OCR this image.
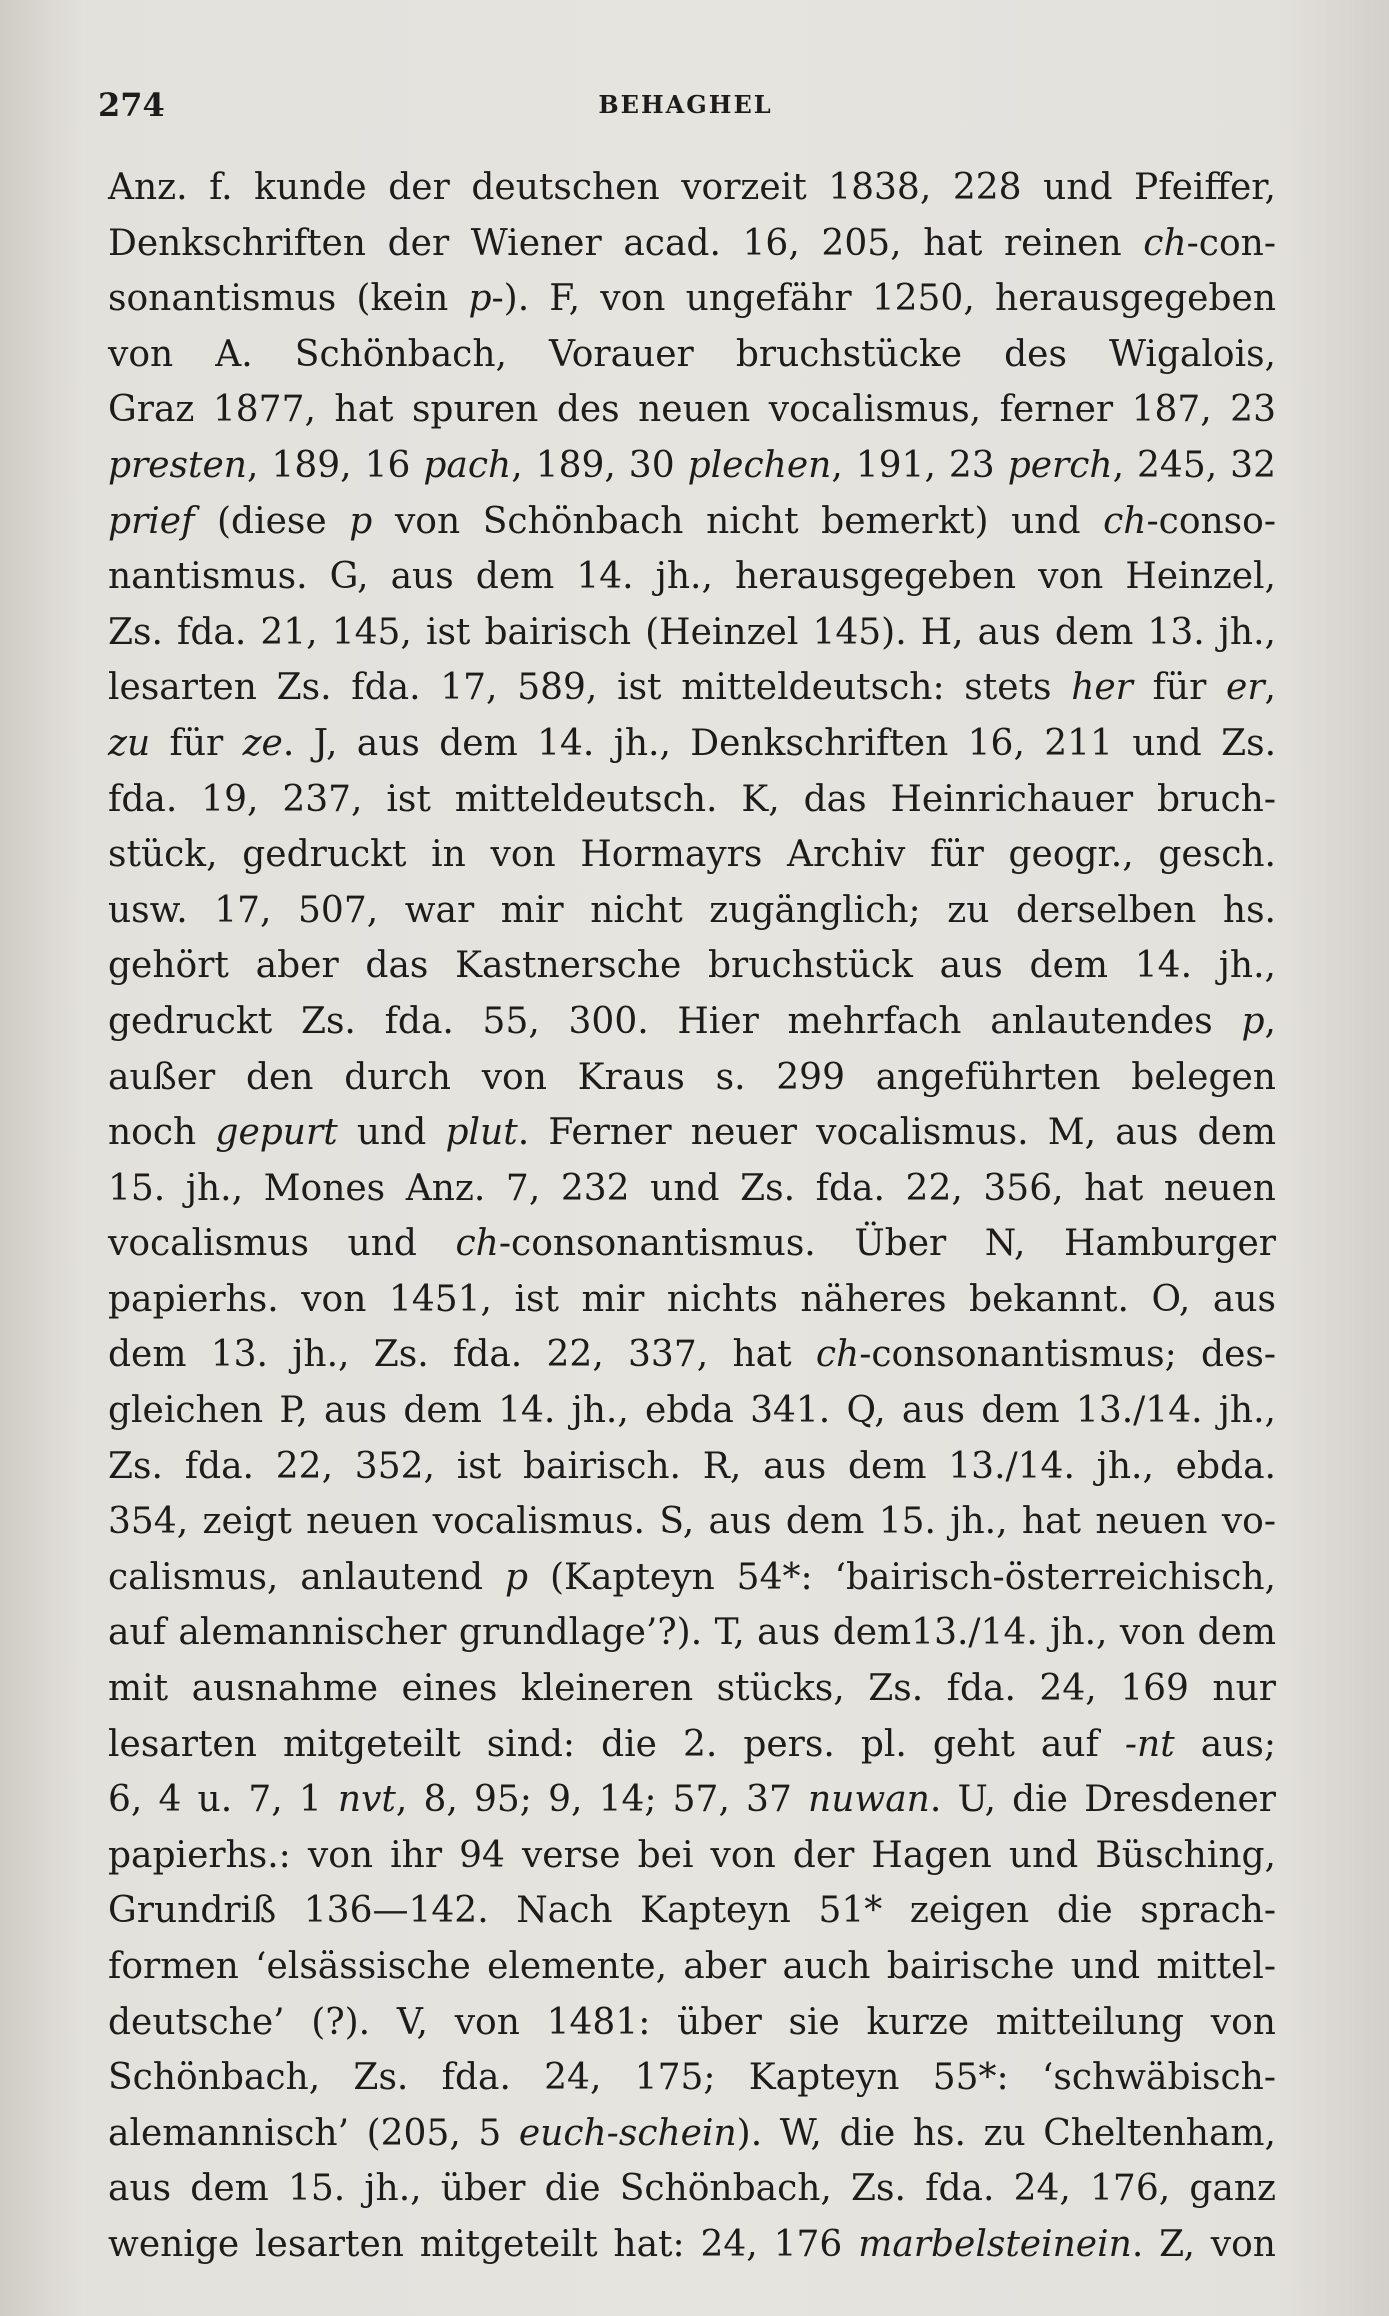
274	BEHAGHEL
Anz. f. kunde der deutschen vorzeit 1838, 228 und Pfeiffer,
Denkschriften der Wiener acad. 16, 205, hat reinen ch-con-
sonantismus (kein p-). F, von ungefähr 1250, herausgegeben
von A. Schönbach, Vorauer bruchstücke des Wigalois,
Graz 1877, hat spuren des neuen vocalismus, ferner 187, 23
presten, 189, 16 pach, 189, 30 plechen, 191, 23 perch, 245, 32
prief (diese p von Schönbach nicht bemerkt) und ch-conso-
nantismus. G, aus dem 14. jh., herausgegeben von Heinzel,
Zs. fda. 21, 145, ist bairisch (Heinzel 145). H, aus dem 13. jh.,
lesarten Zs. fda. 17, 589, ist mitteldeutsch: stets her für er,
zu für ze. J, aus dem 14. jh., Denkschriften 16, 211 und Zs.
fda. 19, 237, ist mitteldeutsch. K, das Heinrichauer bruch-
stück, gedruckt in von Hormayrs Archiv für geogr., gesch.
usw. 17, 507, war mir nicht zugänglich; zu derselben hs.
gehört aber das Kastnersche bruchstück aus dem 14. jh.,
gedruckt Zs. fda. 55, 300. Hier mehrfach anlautendes p,
außer den durch von Kraus s. 299 angeführten belegen
noch gepurt und plut. Ferner neuer vocalismus. M, aus dem
15. jh., Mones Anz. 7, 232 und Zs. fda. 22, 356, hat neuen
vocalismus und ch-consonantismus. Über N, Hamburger
papierhs. von 1451, ist mir nichts näheres bekannt. O, aus
dem 13. jh., Zs. fda. 22, 337, hat ch-consonantismus; des-
gleichen P, aus dem 14. jh., ebda 341. Q, aus dem 13./14. jh.,
Zs. fda. 22, 352, ist bairisch. R, aus dem 13./14. jh., ebda.
354, zeigt neuen vocalismus. S, aus dem 15. jh., hat neuen vo-
calismus, anlautend p (Kapteyn 54*: ‘bairisch-österreichisch,
auf alemannischer grundlage’?). T, aus dem13./14. jh., von dem
mit ausnahme eines kleineren stücks, Zs. fda. 24, 169 nur
lesarten mitgeteilt sind: die 2. pers. pl. geht auf -nt aus;
6, 4 u. 7, 1 nvt, 8, 95; 9, 14; 57, 37 nuwan. U, die Dresdener
papierhs.: von ihr 94 verse bei von der Hagen und Büsching,
Grundriß 136—142. Nach Kapteyn 51* zeigen die sprach-
formen ‘elsässische elemente, aber auch bairische und mittel-
deutsche’ (?). V, von 1481: über sie kurze mitteilung von
Schönbach, Zs. fda. 24, 175; Kapteyn 55*: ‘schwäbisch-
alemannisch’ (205, 5 euch-schein). W, die hs. zu Cheltenham,
aus dem 15. jh., über die Schönbach, Zs. fda. 24, 176, ganz
wenige lesarten mitgeteilt hat: 24, 176 marbelsteinein. Z, von
